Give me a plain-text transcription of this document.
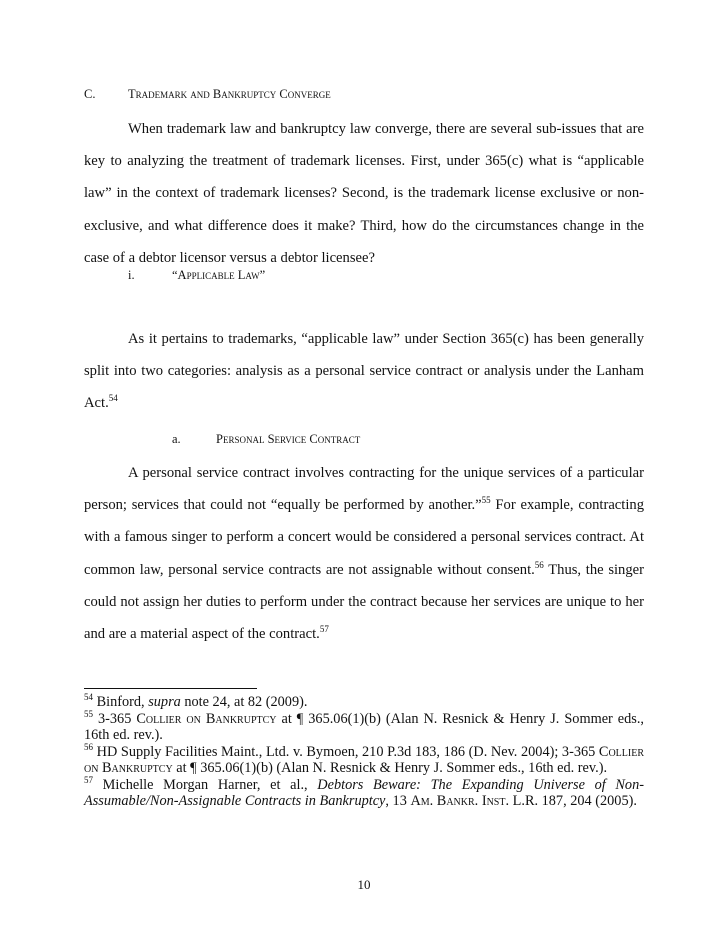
C.	Trademark and Bankruptcy Converge

When trademark law and bankruptcy law converge, there are several sub-issues that are key to analyzing the treatment of trademark licenses. First, under 365(c) what is “applicable law” in the context of trademark licenses? Second, is the trademark license exclusive or non-exclusive, and what difference does it make? Third, how do the circumstances change in the case of a debtor licensor versus a debtor licensee?

i.	“Applicable Law”

As it pertains to trademarks, “applicable law” under Section 365(c) has been generally split into two categories: analysis as a personal service contract or analysis under the Lanham Act.$^{54}$

a.	Personal Service Contract

A personal service contract involves contracting for the unique services of a particular person; services that could not “equally be performed by another.”$^{55}$ For example, contracting with a famous singer to perform a concert would be considered a personal services contract. At common law, personal service contracts are not assignable without consent.$^{56}$ Thus, the singer could not assign her duties to perform under the contract because her services are unique to her and are a material aspect of the contract.$^{57}$

$^{54}$ Binford, supra note 24, at 82 (2009).

$^{55}$ 3-365 Collier on Bankruptcy at ¶ 365.06(1)(b) (Alan N. Resnick & Henry J. Sommer eds., 16th ed. rev.).

$^{56}$ HD Supply Facilities Maint., Ltd. v. Bymoen, 210 P.3d 183, 186 (D. Nev. 2004); 3-365 Collier on Bankruptcy at ¶ 365.06(1)(b) (Alan N. Resnick & Henry J. Sommer eds., 16th ed. rev.).

$^{57}$ Michelle Morgan Harner, et al., Debtors Beware: The Expanding Universe of Non-Assumable/Non-Assignable Contracts in Bankruptcy, 13 Am. Bankr. Inst. L.R. 187, 204 (2005).

10
